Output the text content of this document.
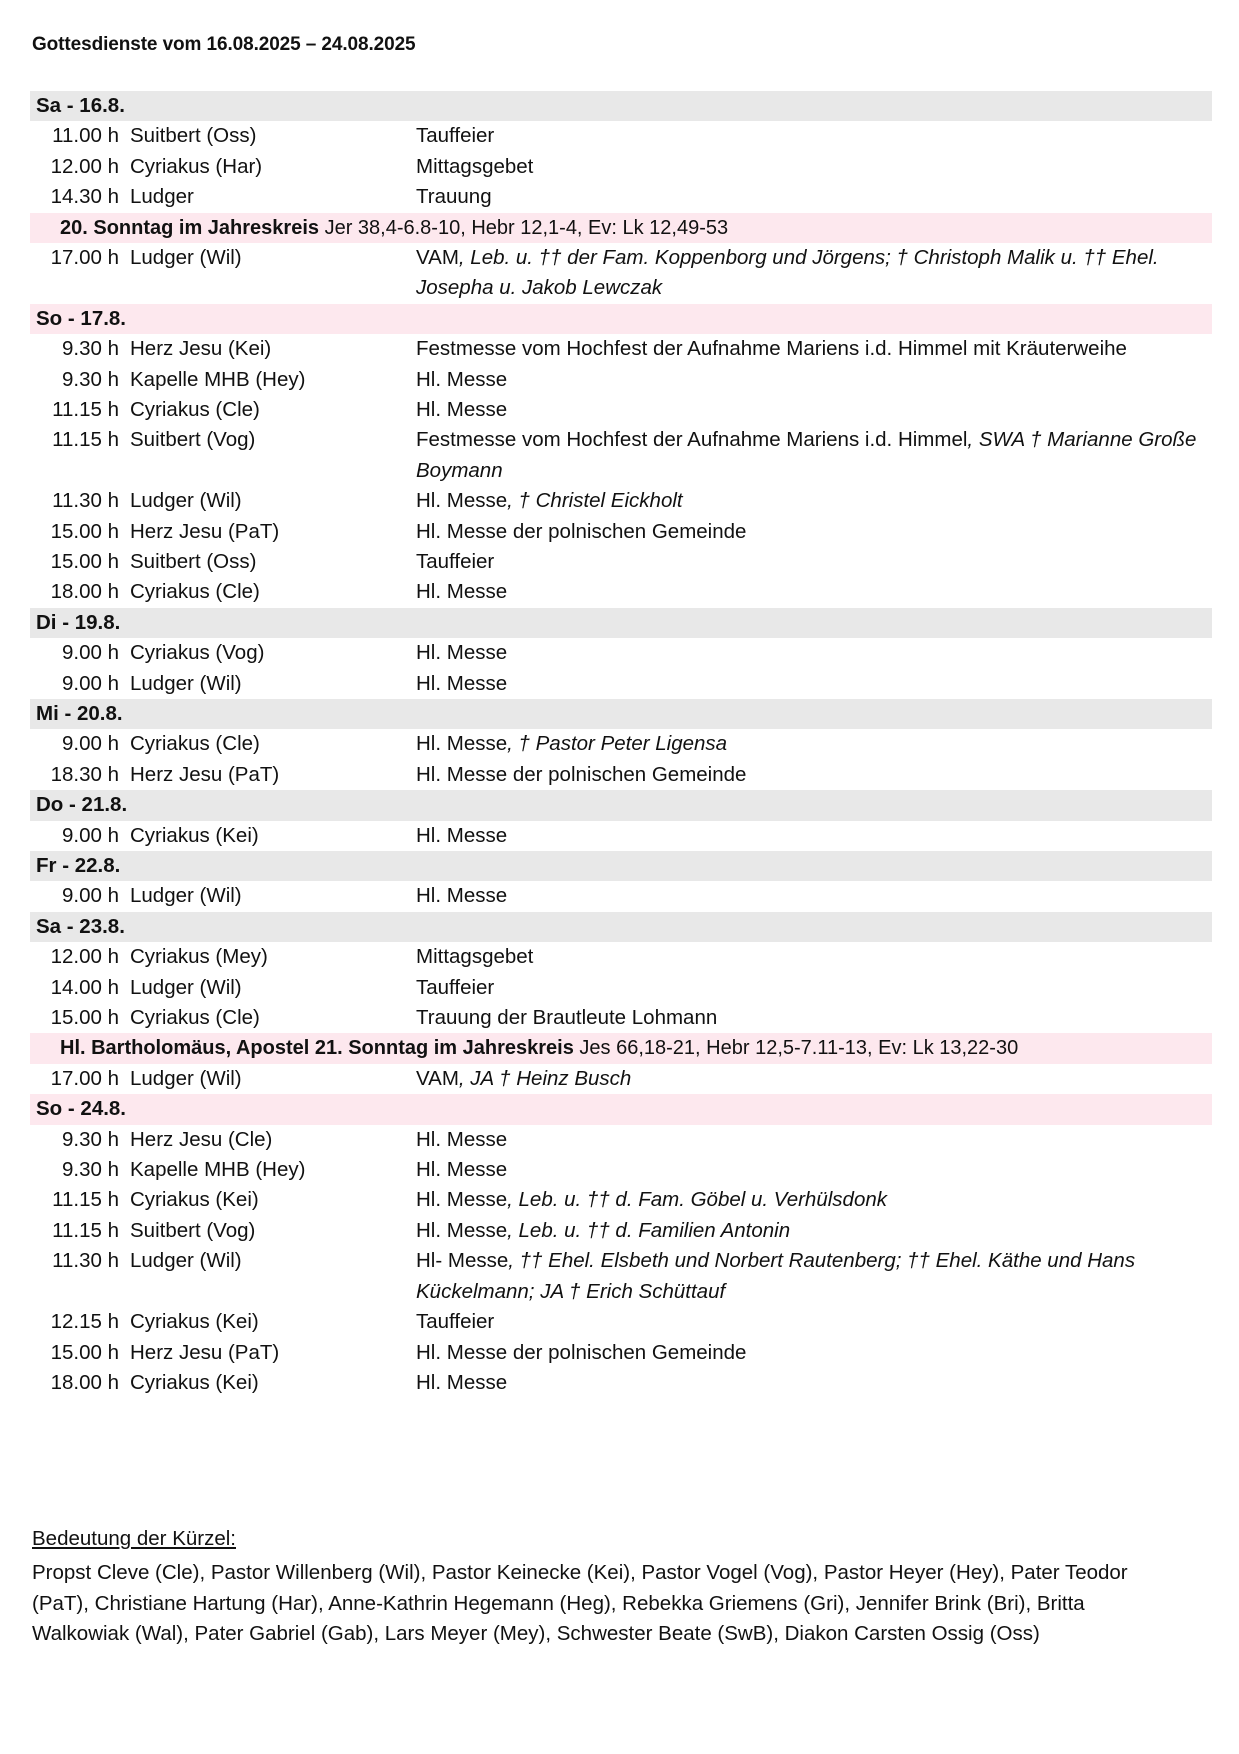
Gottesdienste vom 16.08.2025 – 24.08.2025
Sa - 16.8.
11.00 h Suitbert (Oss)	Tauffeier
12.00 h Cyriakus (Har)	Mittagsgebet
14.30 h Ludger	Trauung
20. Sonntag im Jahreskreis Jer 38,4-6.8-10, Hebr 12,1-4, Ev: Lk 12,49-53
17.00 h Ludger (Wil)	VAM, Leb. u. †† der Fam. Koppenborg und Jörgens; † Christoph Malik u. †† Ehel. Josepha u. Jakob Lewczak
So - 17.8.
9.30 h Herz Jesu (Kei)	Festmesse vom Hochfest der Aufnahme Mariens i.d. Himmel mit Kräuterweihe
9.30 h Kapelle MHB (Hey)	Hl. Messe
11.15 h Cyriakus (Cle)	Hl. Messe
11.15 h Suitbert (Vog)	Festmesse vom Hochfest der Aufnahme Mariens i.d. Himmel, SWA † Marianne Große Boymann
11.30 h Ludger (Wil)	Hl. Messe, † Christel Eickholt
15.00 h Herz Jesu (PaT)	Hl. Messe der polnischen Gemeinde
15.00 h Suitbert (Oss)	Tauffeier
18.00 h Cyriakus (Cle)	Hl. Messe
Di - 19.8.
9.00 h Cyriakus (Vog)	Hl. Messe
9.00 h Ludger (Wil)	Hl. Messe
Mi - 20.8.
9.00 h Cyriakus (Cle)	Hl. Messe, † Pastor Peter Ligensa
18.30 h Herz Jesu (PaT)	Hl. Messe der polnischen Gemeinde
Do - 21.8.
9.00 h Cyriakus (Kei)	Hl. Messe
Fr - 22.8.
9.00 h Ludger (Wil)	Hl. Messe
Sa - 23.8.
12.00 h Cyriakus (Mey)	Mittagsgebet
14.00 h Ludger (Wil)	Tauffeier
15.00 h Cyriakus (Cle)	Trauung der Brautleute Lohmann
Hl. Bartholomäus, Apostel 21. Sonntag im Jahreskreis Jes 66,18-21, Hebr 12,5-7.11-13, Ev: Lk 13,22-30
17.00 h Ludger (Wil)	VAM, JA † Heinz Busch
So - 24.8.
9.30 h Herz Jesu (Cle)	Hl. Messe
9.30 h Kapelle MHB (Hey)	Hl. Messe
11.15 h Cyriakus (Kei)	Hl. Messe, Leb. u. †† d. Fam. Göbel u. Verhülsdonk
11.15 h Suitbert (Vog)	Hl. Messe, Leb. u. †† d. Familien Antonin
11.30 h Ludger (Wil)	Hl- Messe, †† Ehel. Elsbeth und Norbert Rautenberg; †† Ehel. Käthe und Hans Kückelmann; JA † Erich Schüttauf
12.15 h Cyriakus (Kei)	Tauffeier
15.00 h Herz Jesu (PaT)	Hl. Messe der polnischen Gemeinde
18.00 h Cyriakus (Kei)	Hl. Messe
Bedeutung der Kürzel:
Propst Cleve (Cle), Pastor Willenberg (Wil), Pastor Keinecke (Kei), Pastor Vogel (Vog), Pastor Heyer (Hey), Pater Teodor (PaT), Christiane Hartung (Har), Anne-Kathrin Hegemann (Heg), Rebekka Griemens (Gri), Jennifer Brink (Bri), Britta Walkowiak (Wal), Pater Gabriel (Gab), Lars Meyer (Mey), Schwester Beate (SwB), Diakon Carsten Ossig (Oss)
